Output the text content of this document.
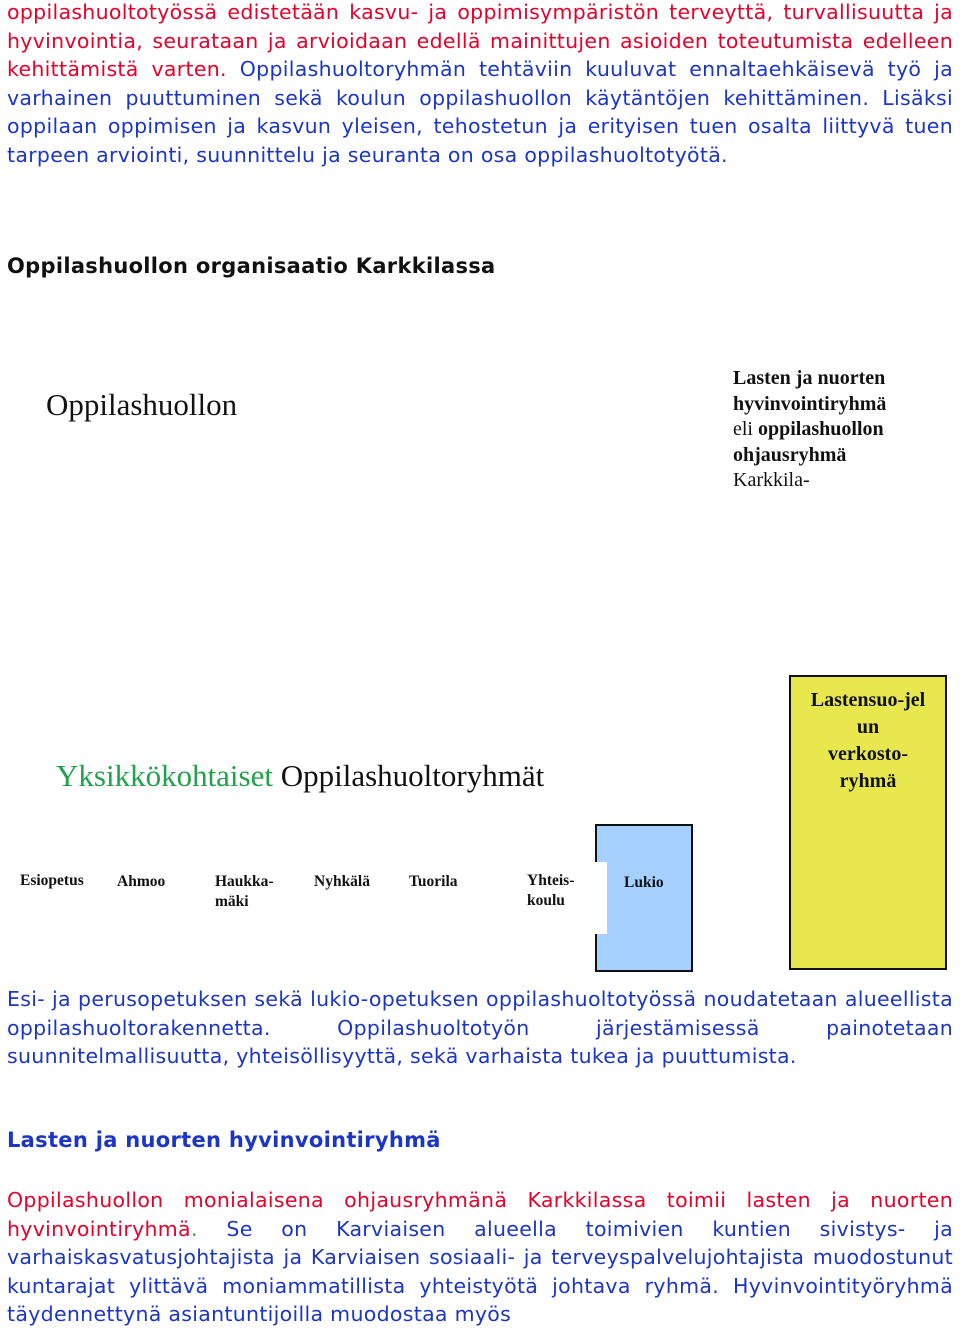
oppilashuoltotyössä edistetään kasvu- ja oppimisympäristön terveyttä, turvallisuutta ja hyvinvointia, seurataan ja arvioidaan edellä mainittujen asioiden toteutumista edelleen kehittämistä varten. Oppilashuoltoryhmän tehtäviin kuuluvat ennaltaehkäisevä työ ja varhainen puuttuminen sekä koulun oppilashuollon käytäntöjen kehittäminen. Lisäksi oppilaan oppimisen ja kasvun yleisen, tehostetun ja erityisen tuen osalta liittyvä tuen tarpeen arviointi, suunnittelu ja seuranta on osa oppilashuoltotyötä.

Oppilashuollon organisaatio Karkkilassa
Oppilashuollon
Lasten ja nuorten
hyvinvointiryhmä
eli oppilashuollon
ohjausryhmä
Karkkila-
Lastensuo-jel
un
verkosto-
ryhmä
Yksikkökohtaiset Oppilashuoltoryhmät
Esiopetus Ahmoo	Haukka-
mäki
Nyhkälä	Tuorila	Yhteis-
koulu
Lukio

Esi- ja perusopetuksen sekä lukio-opetuksen oppilashuoltotyössä noudatetaan alueellista oppilashuoltorakennetta. Oppilashuoltotyön järjestämisessä painotetaan suunnitelmallisuutta, yhteisöllisyyttä, sekä varhaista tukea ja puuttumista.

Lasten ja nuorten hyvinvointiryhmä

Oppilashuollon monialaisena ohjausryhmänä Karkkilassa toimii lasten ja nuorten hyvinvointiryhmä. Se on Karviaisen alueella toimivien kuntien sivistys- ja varhaiskasvatusjohtajista ja Karviaisen sosiaali- ja terveyspalvelujohtajista muodostunut kuntarajat ylittävä moniammatillista yhteistyötä johtava ryhmä. Hyvinvointityöryhmä täydennettynä asiantuntijoilla muodostaa myös
